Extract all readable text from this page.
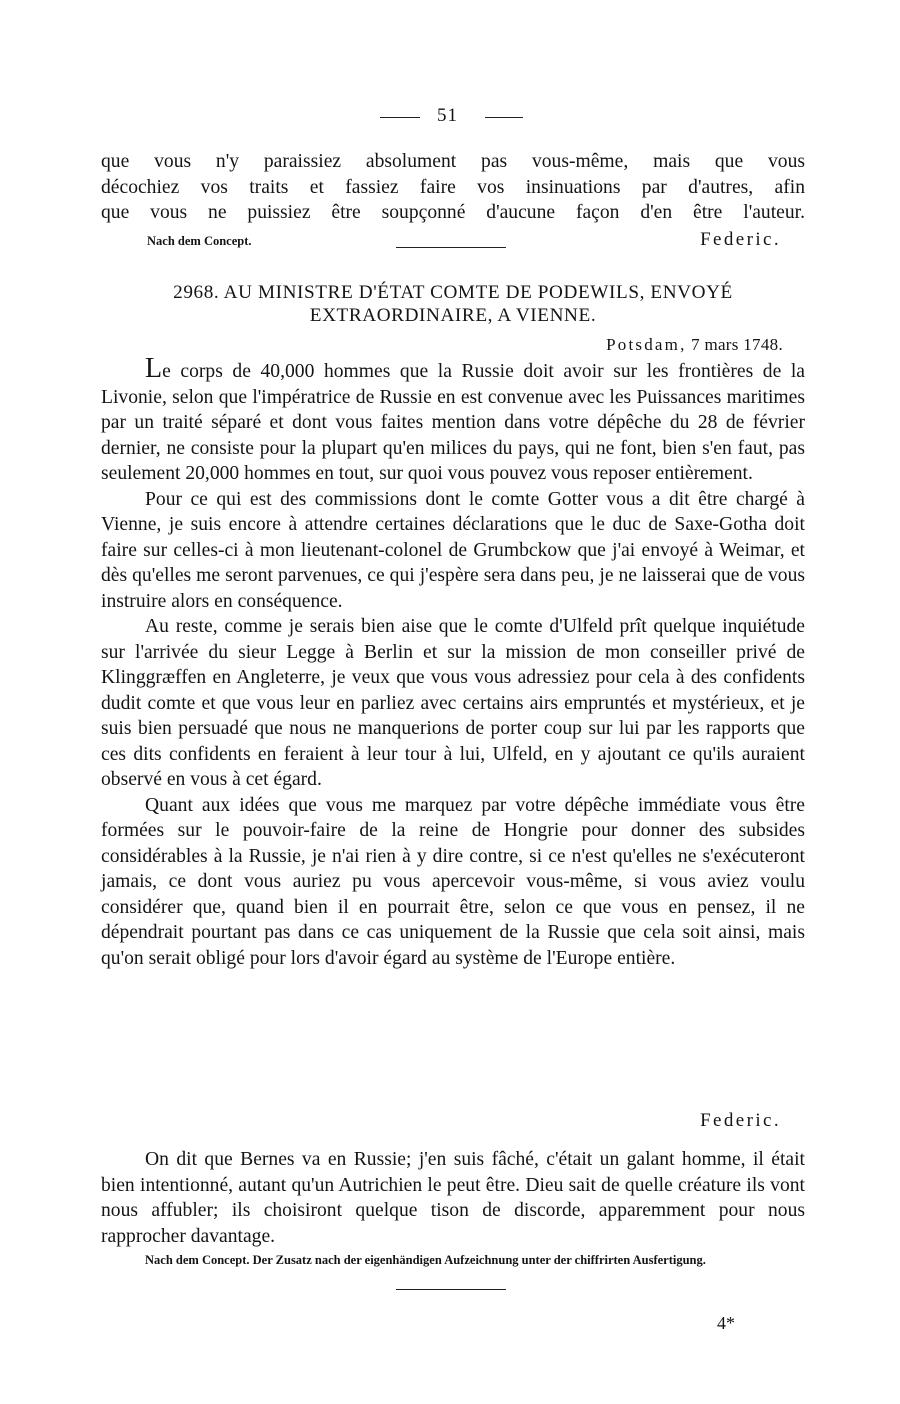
51
que vous n'y paraissiez absolument pas vous-même, mais que vous
décochiez vos traits et fassiez faire vos insinuations par d'autres, afin
que vous ne puissiez être soupçonné d'aucune façon d'en être l'auteur.
Nach dem Concept.	Federic.
2968. AU MINISTRE D'ÉTAT COMTE DE PODEWILS, ENVOYÉ EXTRAORDINAIRE, A VIENNE.
Potsdam, 7 mars 1748.

Le corps de 40,000 hommes que la Russie doit avoir sur les frontières de la Livonie, selon que l'impératrice de Russie en est convenue avec les Puissances maritimes par un traité séparé et dont vous faites mention dans votre dépêche du 28 de février dernier, ne consiste pour la plupart qu'en milices du pays, qui ne font, bien s'en faut, pas seulement 20,000 hommes en tout, sur quoi vous pouvez vous reposer entièrement.

Pour ce qui est des commissions dont le comte Gotter vous a dit être chargé à Vienne, je suis encore à attendre certaines déclarations que le duc de Saxe-Gotha doit faire sur celles-ci à mon lieutenant-colonel de Grumbckow que j'ai envoyé à Weimar, et dès qu'elles me seront parvenues, ce qui j'espère sera dans peu, je ne laisserai que de vous instruire alors en conséquence.

Au reste, comme je serais bien aise que le comte d'Ulfeld prît quelque inquiétude sur l'arrivée du sieur Legge à Berlin et sur la mission de mon conseiller privé de Klinggræffen en Angleterre, je veux que vous vous adressiez pour cela à des confidents dudit comte et que vous leur en parliez avec certains airs empruntés et mystérieux, et je suis bien persuadé que nous ne manquerions de porter coup sur lui par les rapports que ces dits confidents en feraient à leur tour à lui, Ulfeld, en y ajoutant ce qu'ils auraient observé en vous à cet égard.

Quant aux idées que vous me marquez par votre dépêche immédiate vous être formées sur le pouvoir-faire de la reine de Hongrie pour donner des subsides considérables à la Russie, je n'ai rien à y dire contre, si ce n'est qu'elles ne s'exécuteront jamais, ce dont vous auriez pu vous apercevoir vous-même, si vous aviez voulu considérer que, quand bien il en pourrait être, selon ce que vous en pensez, il ne dépendrait pourtant pas dans ce cas uniquement de la Russie que cela soit ainsi, mais qu'on serait obligé pour lors d'avoir égard au système de l'Europe entière.

Federic.

On dit que Bernes va en Russie; j'en suis fâché, c'était un galant homme, il était bien intentionné, autant qu'un Autrichien le peut être. Dieu sait de quelle créature ils vont nous affubler; ils choisiront quelque tison de discorde, apparemment pour nous rapprocher davantage.

Nach dem Concept. Der Zusatz nach der eigenhändigen Aufzeichnung unter der chiffrirten Ausfertigung.
4*
